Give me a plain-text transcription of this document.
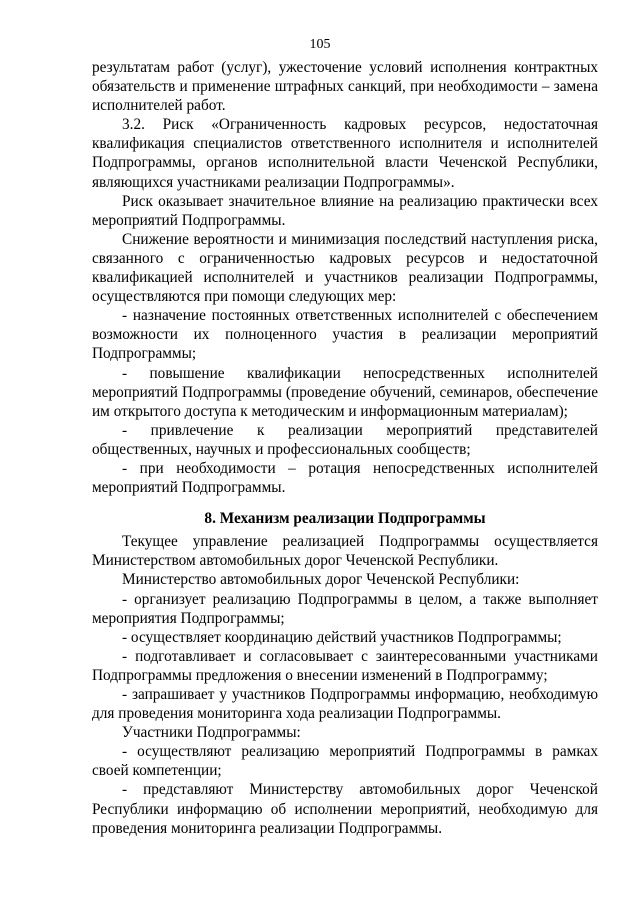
105

результатам работ (услуг), ужесточение условий исполнения контрактных обязательств и применение штрафных санкций, при необходимости – замена исполнителей работ.

3.2. Риск «Ограниченность кадровых ресурсов, недостаточная квалификация специалистов ответственного исполнителя и исполнителей Подпрограммы, органов исполнительной власти Чеченской Республики, являющихся участниками реализации Подпрограммы».

Риск оказывает значительное влияние на реализацию практически всех мероприятий Подпрограммы.

Снижение вероятности и минимизация последствий наступления риска, связанного с ограниченностью кадровых ресурсов и недостаточной квалификацией исполнителей и участников реализации Подпрограммы, осуществляются при помощи следующих мер:

- назначение постоянных ответственных исполнителей с обеспечением возможности их полноценного участия в реализации мероприятий Подпрограммы;

- повышение квалификации непосредственных исполнителей мероприятий Подпрограммы (проведение обучений, семинаров, обеспечение им открытого доступа к методическим и информационным материалам);

- привлечение к реализации мероприятий представителей общественных, научных и профессиональных сообществ;

- при необходимости – ротация непосредственных исполнителей мероприятий Подпрограммы.

8. Механизм реализации Подпрограммы

Текущее управление реализацией Подпрограммы осуществляется Министерством автомобильных дорог Чеченской Республики.

Министерство автомобильных дорог Чеченской Республики:

- организует реализацию Подпрограммы в целом, а также выполняет мероприятия Подпрограммы;

- осуществляет координацию действий участников Подпрограммы;

- подготавливает и согласовывает с заинтересованными участниками Подпрограммы предложения о внесении изменений в Подпрограмму;

- запрашивает у участников Подпрограммы информацию, необходимую для проведения мониторинга хода реализации Подпрограммы.

Участники Подпрограммы:

- осуществляют реализацию мероприятий Подпрограммы в рамках своей компетенции;

- представляют Министерству автомобильных дорог Чеченской Республики информацию об исполнении мероприятий, необходимую для проведения мониторинга реализации Подпрограммы.
